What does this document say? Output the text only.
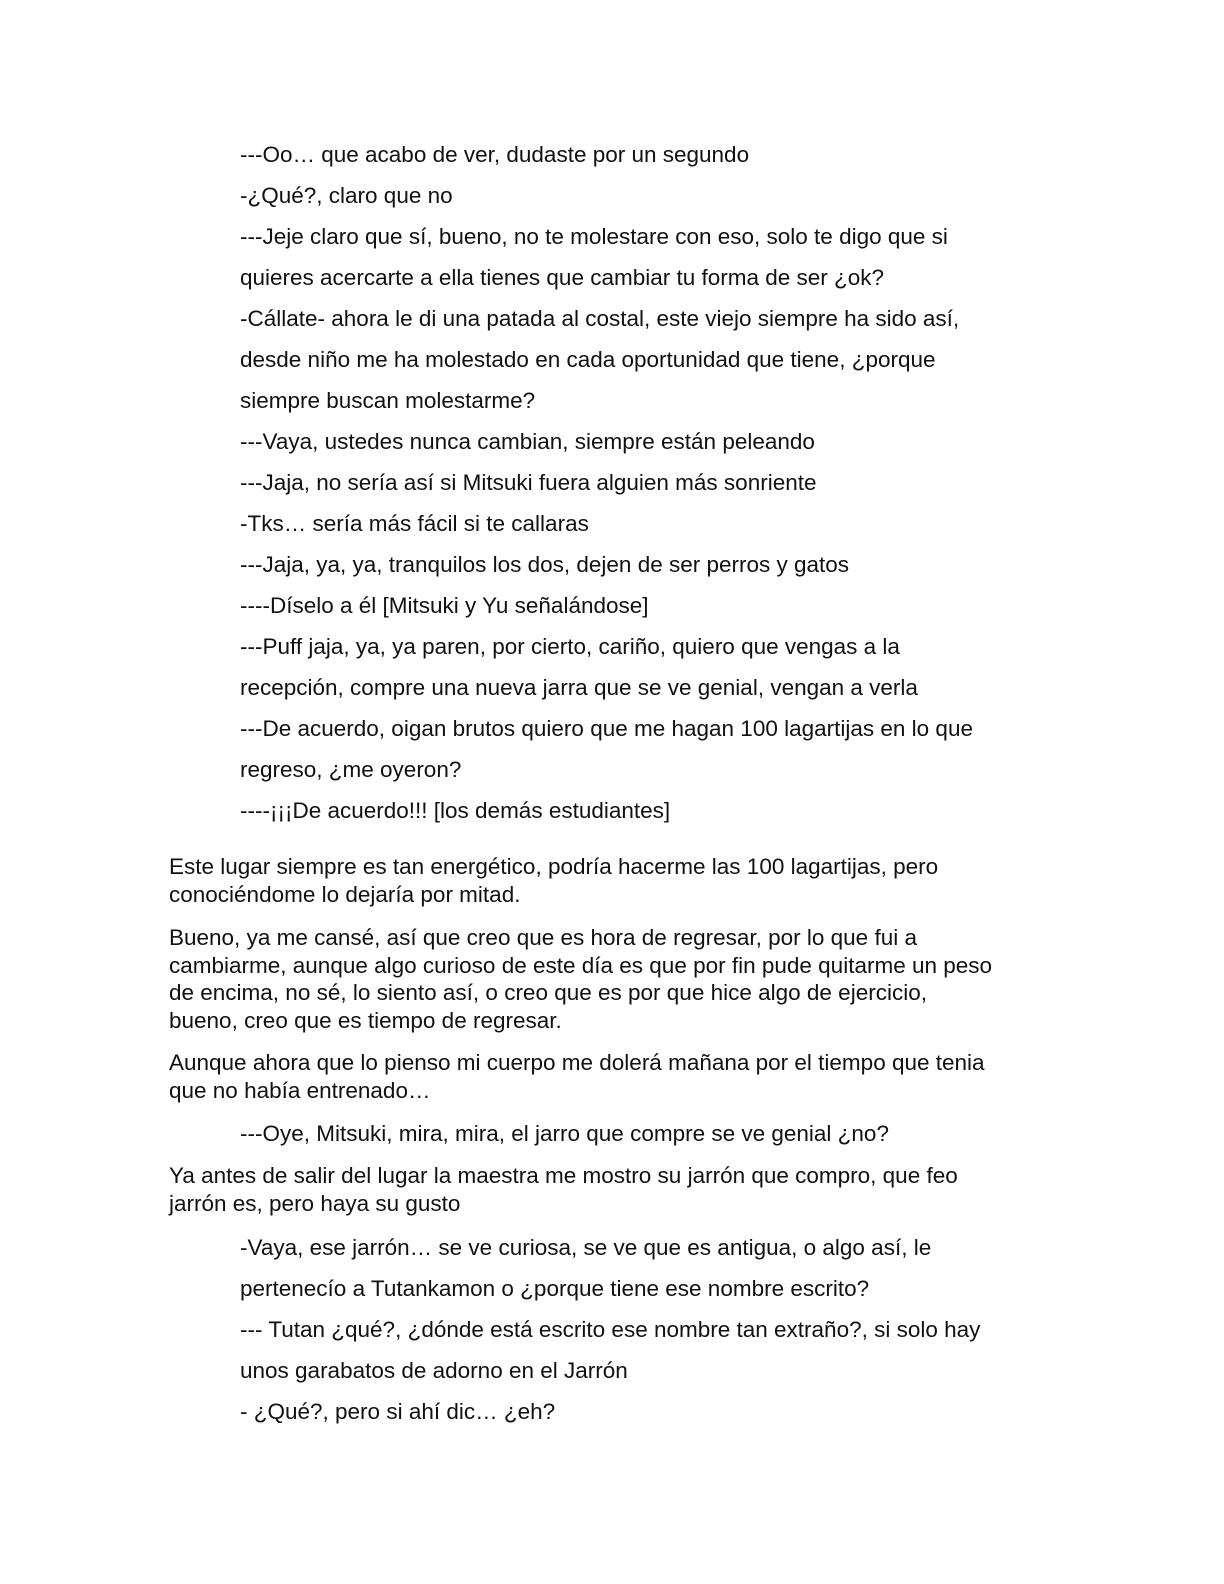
---Oo… que acabo de ver, dudaste por un segundo
-¿Qué?, claro que no
---Jeje claro que sí, bueno, no te molestare con eso, solo te digo que si
quieres acercarte a ella tienes que cambiar tu forma de ser ¿ok?
-Cállate- ahora le di una patada al costal, este viejo siempre ha sido así,
desde niño me ha molestado en cada oportunidad que tiene, ¿porque
siempre buscan molestarme?
---Vaya, ustedes nunca cambian, siempre están peleando
---Jaja, no sería así si Mitsuki fuera alguien más sonriente
-Tks… sería más fácil si te callaras
---Jaja, ya, ya, tranquilos los dos, dejen de ser perros y gatos
----Díselo a él [Mitsuki y Yu señalándose]
---Puff jaja, ya, ya paren, por cierto, cariño, quiero que vengas a la
recepción, compre una nueva jarra que se ve genial, vengan a verla
---De acuerdo, oigan brutos quiero que me hagan 100 lagartijas en lo que
regreso, ¿me oyeron?
----¡¡¡De acuerdo!!! [los demás estudiantes]
Este lugar siempre es tan energético, podría hacerme las 100 lagartijas, pero
conociéndome lo dejaría por mitad.
Bueno, ya me cansé, así que creo que es hora de regresar, por lo que fui a
cambiarme, aunque algo curioso de este día es que por fin pude quitarme un peso
de encima, no sé, lo siento así, o creo que es por que hice algo de ejercicio,
bueno, creo que es tiempo de regresar.
Aunque ahora que lo pienso mi cuerpo me dolerá mañana por el tiempo que tenia
que no había entrenado…
---Oye, Mitsuki, mira, mira, el jarro que compre se ve genial ¿no?
Ya antes de salir del lugar la maestra me mostro su jarrón que compro, que feo
jarrón es, pero haya su gusto
-Vaya, ese jarrón… se ve curiosa, se ve que es antigua, o algo así, le
pertenecío a Tutankamon o ¿porque tiene ese nombre escrito?
--- Tutan ¿qué?, ¿dónde está escrito ese nombre tan extraño?, si solo hay
unos garabatos de adorno en el Jarrón
- ¿Qué?, pero si ahí dic… ¿eh?
